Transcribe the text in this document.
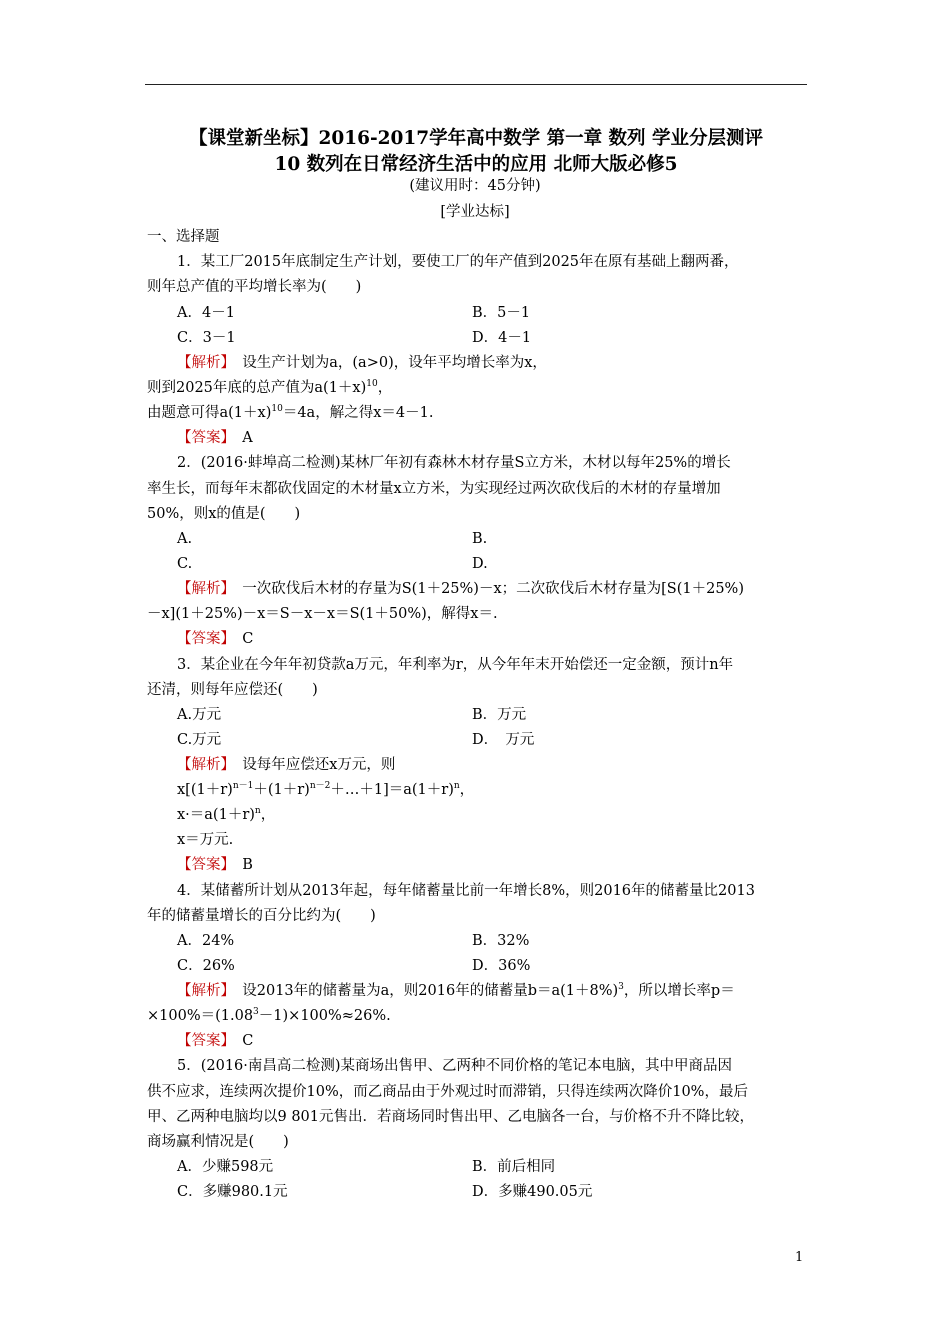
【课堂新坐标】2016-2017学年高中数学 第一章 数列 学业分层测评
10 数列在日常经济生活中的应用 北师大版必修5
(建议用时：45分钟)
[学业达标]
一、选择题
1．某工厂2015年底制定生产计划，要使工厂的年产值到2025年在原有基础上翻两番，
则年总产值的平均增长率为(　　)
A．4－1	B．5－1
C．3－1	D．4－1
【解析】　设生产计划为a，(a>0)，设年平均增长率为x，
则到2025年底的总产值为$a(1+x)^{10}$，
由题意可得$a(1+x)^{10}=4a$，解之得x＝4－1.
【答案】　A
2．(2016·蚌埠高二检测)某林厂年初有森林木材存量S立方米，木材以每年25%的增长
率生长，而每年末都砍伐固定的木材量x立方米，为实现经过两次砍伐后的木材的存量增加
50%，则x的值是(　　)
A.	B.
C.	D.
【解析】　一次砍伐后木材的存量为S(1＋25%)－x；二次砍伐后木材存量为[S(1＋25%)
－x](1＋25%)－x＝S－x－x＝S(1＋50%)，解得x＝.
【答案】　C
3．某企业在今年年初贷款a万元，年利率为r，从今年年末开始偿还一定金额，预计n年
还清，则每年应偿还(　　)
A.万元	B．万元
C.万元	D．　万元
【解析】　设每年应偿还x万元，则
$x[(1+r)^{n-1}+(1+r)^{n-2}+\dots+1]=a(1+r)^n$，
$x\cdot=a(1+r)^n$，
x＝万元.
【答案】　B
4．某储蓄所计划从2013年起，每年储蓄量比前一年增长8%，则2016年的储蓄量比2013
年的储蓄量增长的百分比约为(　　)
A．24%	B．32%
C．26%	D．36%
【解析】　设2013年的储蓄量为a，则2016年的储蓄量$b=a(1+8\%)^3$，所以增长率p＝
$\times 100\%=(1.08^3-1)\times 100\%\approx 26\%$.
【答案】　C
5．(2016·南昌高二检测)某商场出售甲、乙两种不同价格的笔记本电脑，其中甲商品因
供不应求，连续两次提价10%，而乙商品由于外观过时而滞销，只得连续两次降价10%，最后
甲、乙两种电脑均以9 801元售出．若商场同时售出甲、乙电脑各一台，与价格不升不降比较，
商场赢利情况是(　　)
A．少赚598元	B．前后相同
C．多赚980.1元	D．多赚490.05元
1
